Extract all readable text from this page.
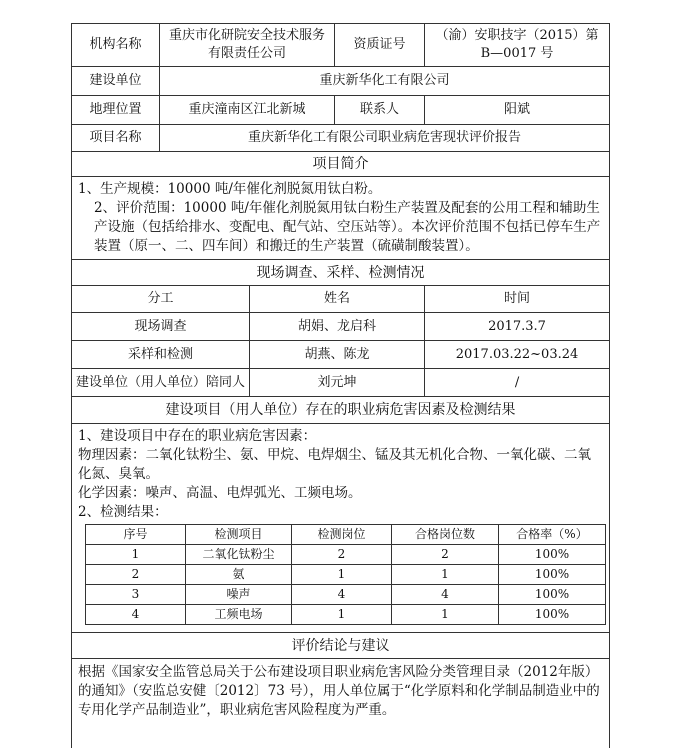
机构名称	重庆市化研院安全技术服务有限责任公司	资质证号	（渝）安职技字（2015）第 B—0017 号
建设单位	重庆新华化工有限公司
地理位置	重庆潼南区江北新城	联系人	阳斌
项目名称	重庆新华化工有限公司职业病危害现状评价报告
项目简介

1、生产规模：10000 吨/年催化剂脱氮用钛白粉。
2、评价范围：10000 吨/年催化剂脱氮用钛白粉生产装置及配套的公用工程和辅助生产设施（包括给排水、变配电、配气站、空压站等）。本次评价范围不包括已停车生产装置（原一、二、四车间）和搬迁的生产装置（硫磺制酸装置）。

现场调查、采样、检测情况
分工	姓名	时间
现场调查	胡娟、龙启科	2017.3.7
采样和检测	胡燕、陈龙	2017.03.22~03.24
建设单位（用人单位）陪同人	刘元坤	/
建设项目（用人单位）存在的职业病危害因素及检测结果

1、建设项目中存在的职业病危害因素：
物理因素：二氧化钛粉尘、氨、甲烷、电焊烟尘、锰及其无机化合物、一氧化碳、二氧化氮、臭氧。
化学因素：噪声、高温、电焊弧光、工频电场。
2、检测结果：
序号	检测项目	检测岗位	合格岗位数	合格率（%）
1	二氧化钛粉尘	2	2	100%
2	氨	1	1	100%
3	噪声	4	4	100%
4	工频电场	1	1	100%

评价结论与建议

根据《国家安全监管总局关于公布建设项目职业病危害风险分类管理目录（2012年版）的通知》（安监总安健〔2012〕73 号），用人单位属于“化学原料和化学制品制造业中的专用化学产品制造业”，职业病危害风险程度为严重。
